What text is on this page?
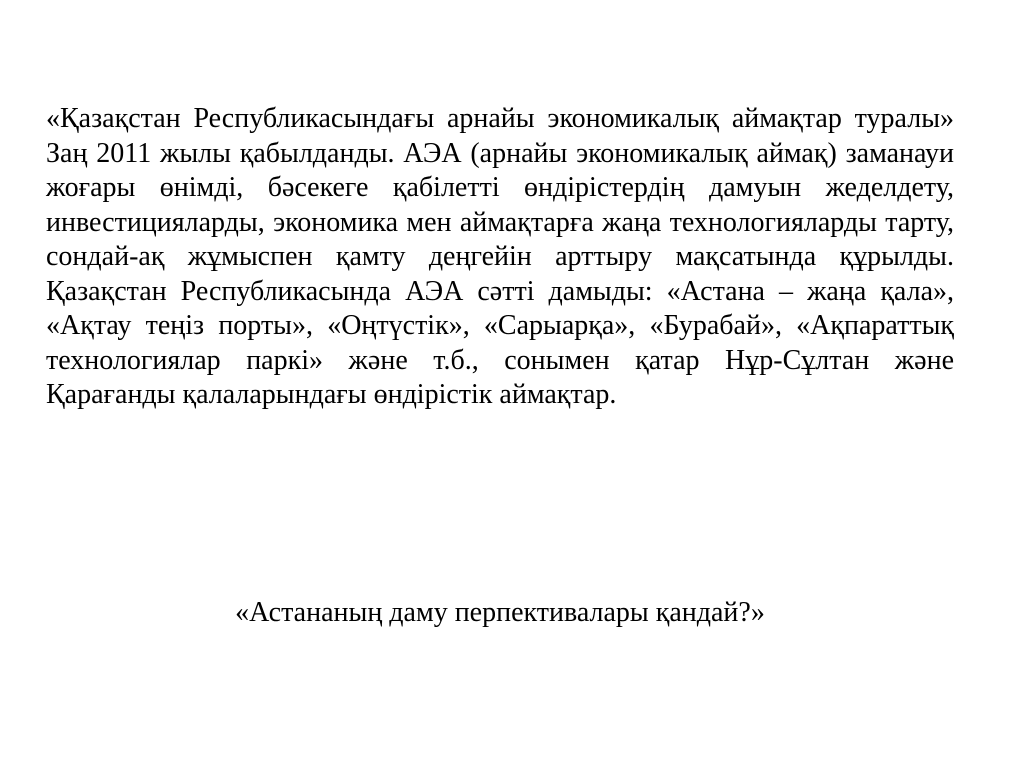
«Қазақстан Республикасындағы арнайы экономикалық аймақтар туралы» Заң 2011 жылы қабылданды. АЭА (арнайы экономикалық аймақ) заманауи жоғары өнімді, бәсекеге қабілетті өндірістердің дамуын жеделдету, инвестицияларды, экономика мен аймақтарға жаңа технологияларды тарту, сондай-ақ жұмыспен қамту деңгейін арттыру мақсатында құрылды. Қазақстан Республикасында АЭА сәтті дамыды: «Астана – жаңа қала», «Ақтау теңіз порты», «Оңтүстік», «Сарыарқа», «Бурабай», «Ақпараттық технологиялар паркі» және т.б., сонымен қатар Нұр-Сұлтан және Қарағанды қалаларындағы өндірістік аймақтар.

«Астананың даму перпективалары қандай?»
